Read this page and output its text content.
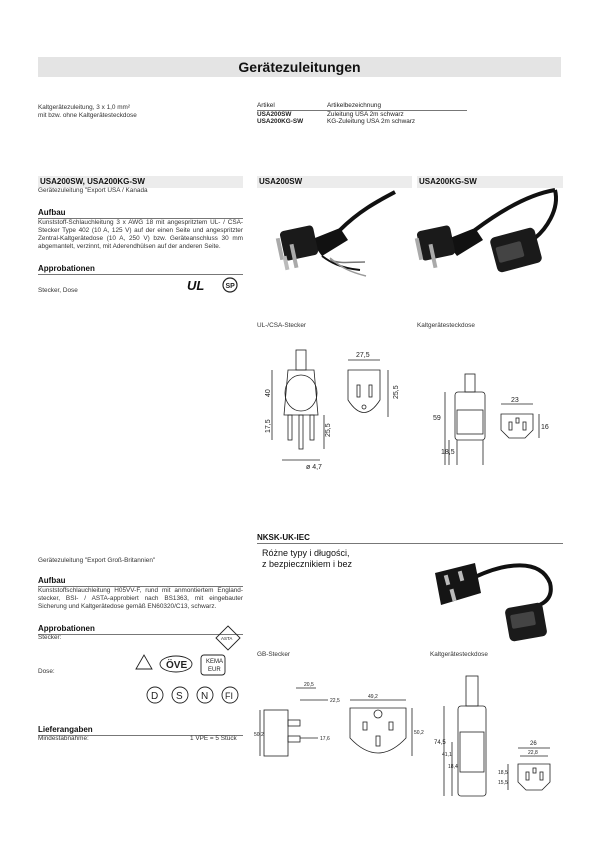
Gerätezuleitungen
Kaltgerätezuleitung, 3 x 1,0 mm²
mit bzw. ohne Kaltgerätesteckdose
Artikel	Artikelbezeichnung
USA200SW	Zuleitung USA 2m schwarz
USA200KG-SW	KG-Zuleitung USA 2m schwarz
USA200SW, USA200KG-SW
Gerätezuleitung "Export USA / Kanada
Aufbau
Kunststoff-Schlauchleitung 3 x AWG 18 mit angespritztem UL- / CSA-Stecker Type 402 (10 A, 125 V) auf der einen Seite und angespritzter Zentral-Kaltgerätedose (10 A, 250 V) bzw. Geräteanschluss 30 mm abgemantelt, verzinnt, mit Aderendhülsen auf der anderen Seite.
Approbationen
Stecker, Dose	UL	SP
USA200SW	USA200KG-SW
UL-/CSA-Stecker	Kaltgerätesteckdose
40
17,5	25,5
ø 4,7
27,5
25,5
59
18,5
23
16
NKSK-UK-IEC
Różne typy i długości,
z bezpiecznikiem i bez
Gerätezuleitung "Export Groß-Britannien"
Aufbau
Kunststoffschlauchleitung H05VV-F, rund mit anmontiertem England-stecker, BSI- / ASTA-approbiert nach BS1363, mit eingebauter Sicherung und Kaltgerätedose gemäß EN60320/C13, schwarz.
Approbationen
Stecker:
Dose:
ASTA
ÖVE	KEMA
EUR
D S N FI
Lieferangaben
Mindestabnahme:	1 VPE = 5 Stück
GB-Stecker	Kaltgerätesteckdose
20,5
22,5
49,2
50,2
17,6
50,2
74,5
41,1
18,4
18,5
15,5
26
22,8
